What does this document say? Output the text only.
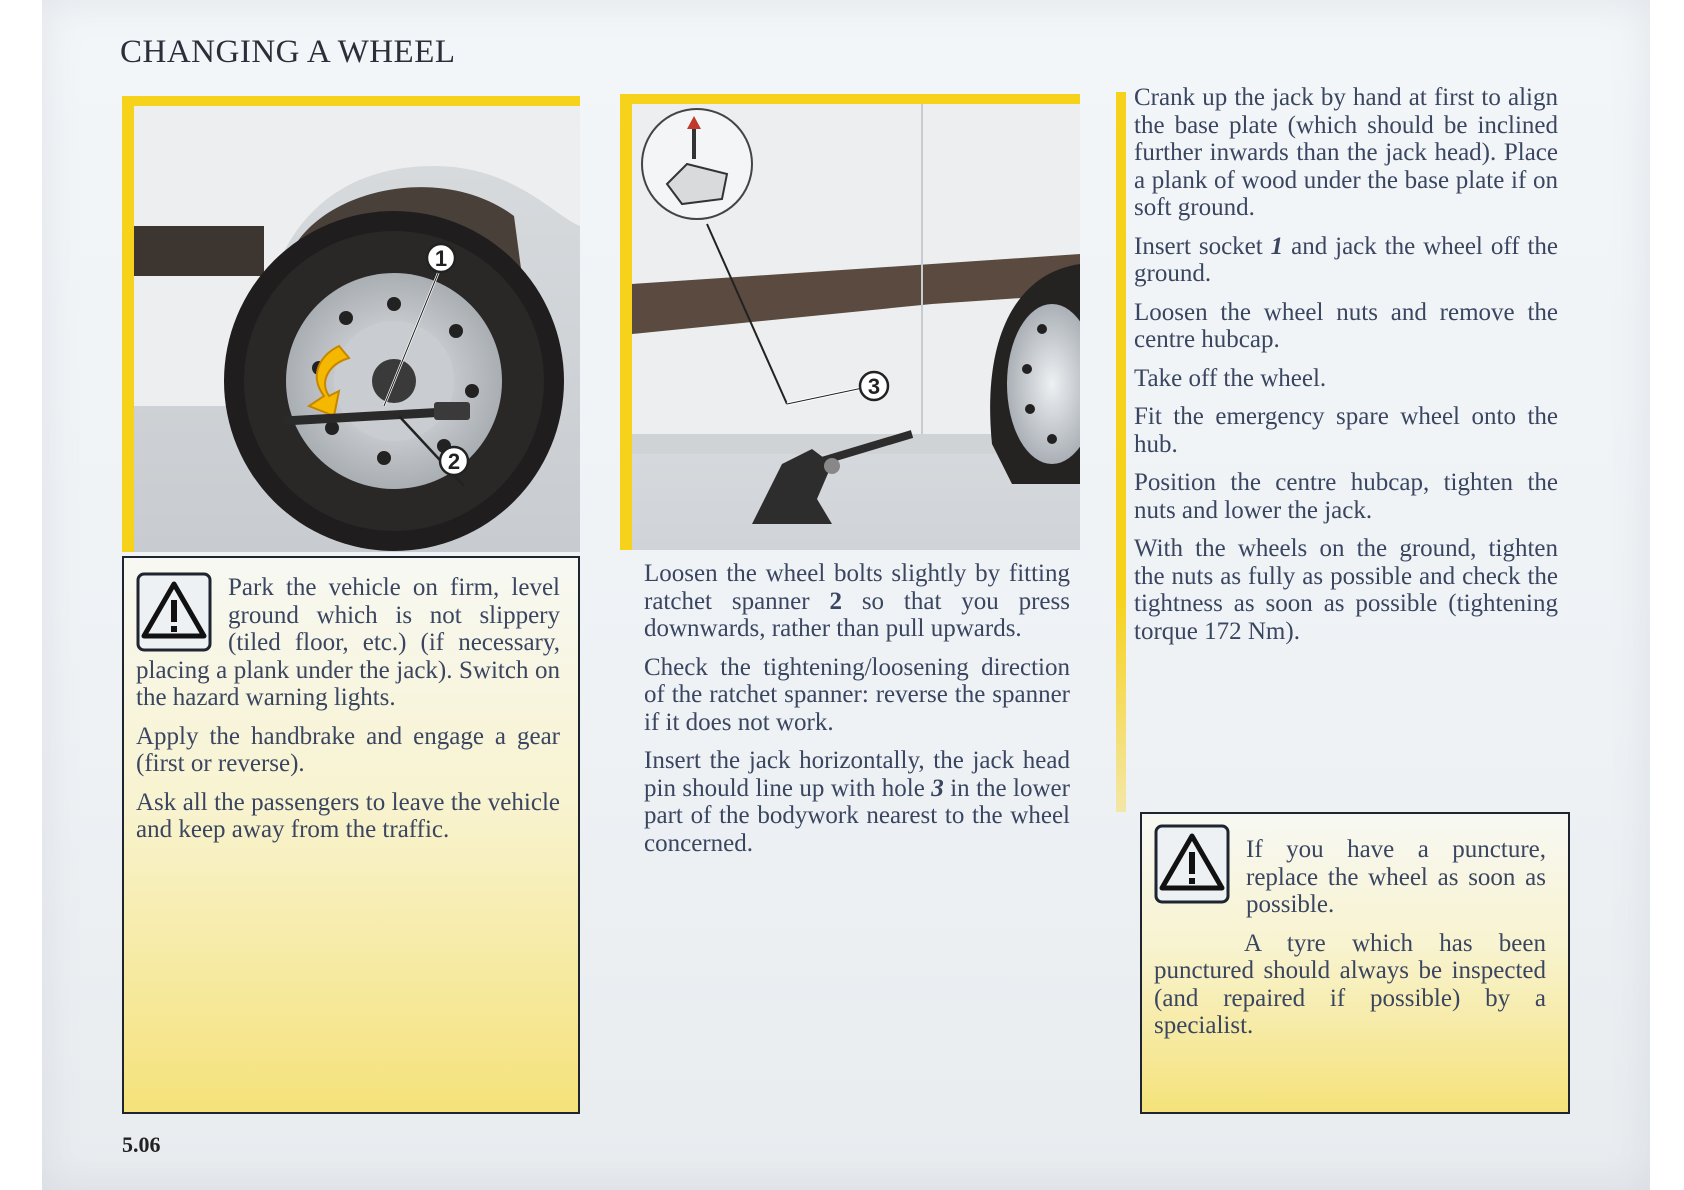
CHANGING A WHEEL
1
2
3

Park the vehicle on firm, level ground which is not slippery (tiled floor, etc.) (if necessary, placing a plank under the jack). Switch on the hazard warning lights.

Apply the handbrake and engage a gear (first or reverse).

Ask all the passengers to leave the vehicle and keep away from the traffic.

Loosen the wheel bolts slightly by fitting ratchet spanner 2 so that you press downwards, rather than pull upwards.

Check the tightening/loosening direction of the ratchet spanner: reverse the spanner if it does not work.

Insert the jack horizontally, the jack head pin should line up with hole 3 in the lower part of the bodywork nearest to the wheel concerned.

Crank up the jack by hand at first to align the base plate (which should be inclined further inwards than the jack head). Place a plank of wood under the base plate if on soft ground.

Insert socket 1 and jack the wheel off the ground.

Loosen the wheel nuts and remove the centre hubcap.

Take off the wheel.

Fit the emergency spare wheel onto the hub.

Position the centre hubcap, tighten the nuts and lower the jack.

With the wheels on the ground, tighten the nuts as fully as possible and check the tightness as soon as possible (tightening torque 172 Nm).

If you have a puncture, replace the wheel as soon as possible.

A tyre which has been punctured should always be inspected (and repaired if possible) by a specialist.

5.06
